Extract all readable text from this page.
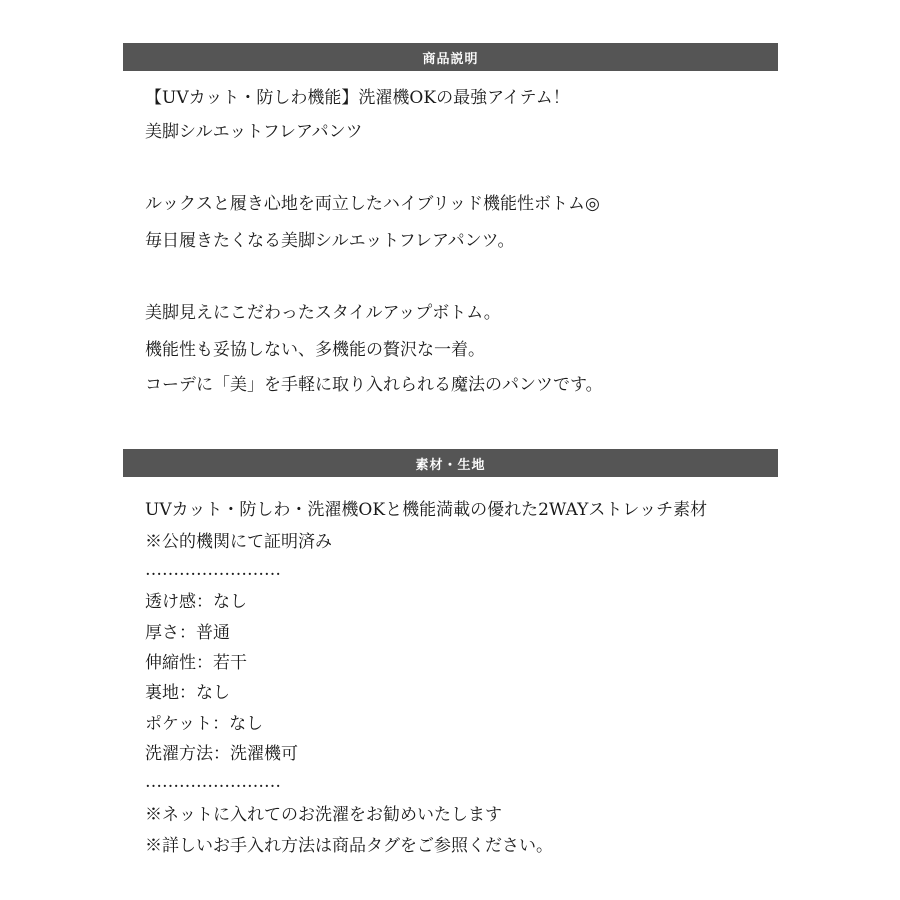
商品説明
【UVカット・防しわ機能】洗濯機OKの最強アイテム！
美脚シルエットフレアパンツ
ルックスと履き心地を両立したハイブリッド機能性ボトム◎
毎日履きたくなる美脚シルエットフレアパンツ。
美脚見えにこだわったスタイルアップボトム。
機能性も妥協しない、多機能の贅沢な一着。
コーデに「美」を手軽に取り入れられる魔法のパンツです。
素材・生地
UVカット・防しわ・洗濯機OKと機能満載の優れた2WAYストレッチ素材
※公的機関にて証明済み
……………………
透け感：なし
厚さ：普通
伸縮性：若干
裏地：なし
ポケット：なし
洗濯方法：洗濯機可
……………………
※ネットに入れてのお洗濯をお勧めいたします
※詳しいお手入れ方法は商品タグをご参照ください。
